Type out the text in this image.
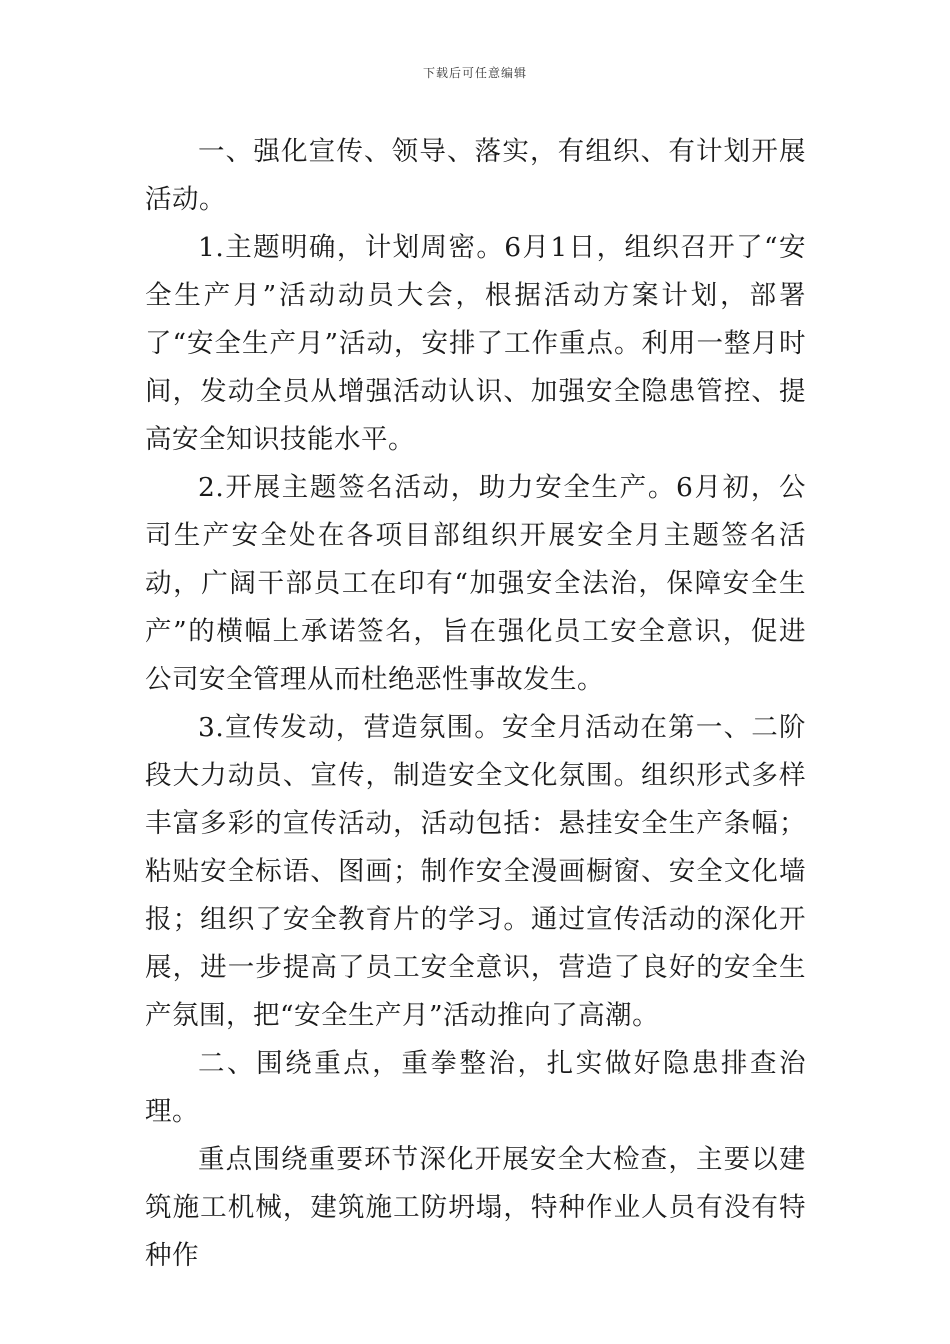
下载后可任意编辑

一、强化宣传、领导、落实，有组织、有计划开展活动。

1.主题明确，计划周密。6月1日，组织召开了“安全生产月”活动动员大会，根据活动方案计划，部署了“安全生产月”活动，安排了工作重点。利用一整月时间，发动全员从增强活动认识、加强安全隐患管控、提高安全知识技能水平。

2.开展主题签名活动，助力安全生产。6月初，公司生产安全处在各项目部组织开展安全月主题签名活动，广阔干部员工在印有“加强安全法治，保障安全生产”的横幅上承诺签名，旨在强化员工安全意识，促进公司安全管理从而杜绝恶性事故发生。

3.宣传发动，营造氛围。安全月活动在第一、二阶段大力动员、宣传，制造安全文化氛围。组织形式多样丰富多彩的宣传活动，活动包括：悬挂安全生产条幅；粘贴安全标语、图画；制作安全漫画橱窗、安全文化墙报；组织了安全教育片的学习。通过宣传活动的深化开展，进一步提高了员工安全意识，营造了良好的安全生产氛围，把“安全生产月”活动推向了高潮。

二、围绕重点，重拳整治，扎实做好隐患排查治理。

重点围绕重要环节深化开展安全大检查，主要以建筑施工机械，建筑施工防坍塌，特种作业人员有没有特种作
